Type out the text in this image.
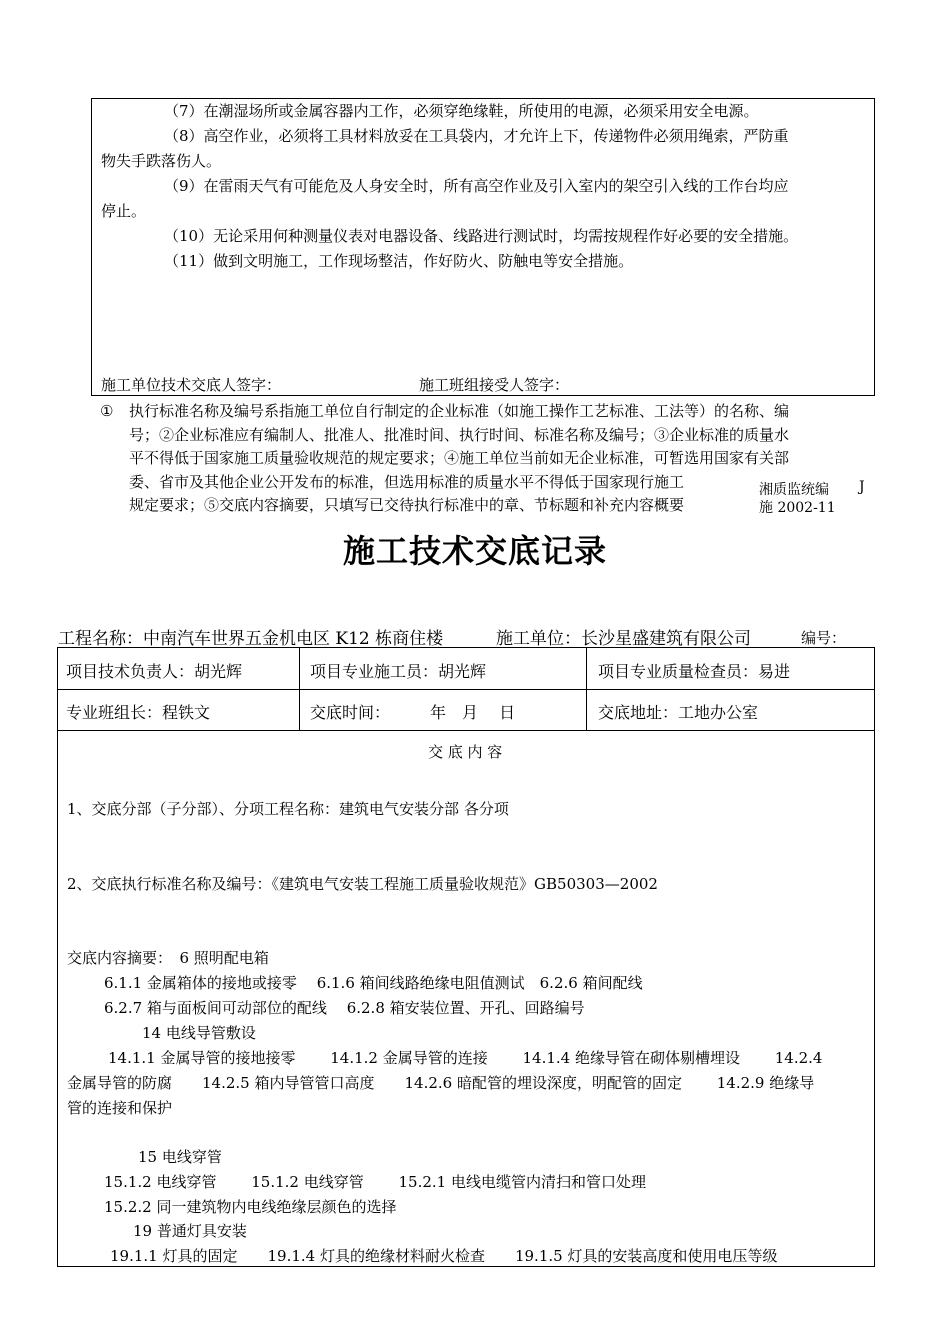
（7）在潮湿场所或金属容器内工作，必须穿绝缘鞋，所使用的电源，必须采用安全电源。
（8）高空作业，必须将工具材料放妥在工具袋内，才允许上下，传递物件必须用绳索，严防重
物失手跌落伤人。
（9）在雷雨天气有可能危及人身安全时，所有高空作业及引入室内的架空引入线的工作台均应
停止。
（10）无论采用何种测量仪表对电器设备、线路进行测试时，均需按规程作好必要的安全措施。
（11）做到文明施工，工作现场整洁，作好防火、防触电等安全措施。
施工单位技术交底人签字：	施工班组接受人签字：
① 执行标准名称及编号系指施工单位自行制定的企业标准（如施工操作工艺标准、工法等）的名称、编
号；②企业标准应有编制人、批准人、批准时间、执行时间、标准名称及编号；③企业标准的质量水
平不得低于国家施工质量验收规范的规定要求；④施工单位当前如无企业标准，可暂选用国家有关部
委、省市及其他企业公开发布的标准，但选用标准的质量水平不得低于国家现行施工
规定要求；⑤交底内容摘要，只填写已交待执行标准中的章、节标题和补充内容概要
湘质监统编 J
施 2002-11
施工技术交底记录
工程名称：中南汽车世界五金机电区 K12 栋商住楼	施工单位：长沙星盛建筑有限公司	编号：
项目技术负责人：胡光辉	项目专业施工员：胡光辉	项目专业质量检查员：易进
专业班组长：程铁文	交底时间：　　　年　月　 日	交底地址：工地办公室
交 底 内 容
1、交底分部（子分部）、分项工程名称：建筑电气安装分部 各分项
2、交底执行标准名称及编号：《建筑电气安装工程施工质量验收规范》GB50303—2002
交底内容摘要：　6 照明配电箱
6.1.1 金属箱体的接地或接零　 6.1.6 箱间线路绝缘电阻值测试　6.2.6 箱间配线
6.2.7 箱与面板间可动部位的配线　 6.2.8 箱安装位置、开孔、回路编号
14 电线导管敷设
14.1.1 金属导管的接地接零　　 14.1.2 金属导管的连接　　 14.1.4 绝缘导管在砌体剔槽埋设　　 14.2.4
金属导管的防腐　　14.2.5 箱内导管管口高度　　14.2.6 暗配管的埋设深度，明配管的固定　　 14.2.9 绝缘导
管的连接和保护
15 电线穿管
15.1.2 电线穿管　　 15.1.2 电线穿管　　 15.2.1 电线电缆管内清扫和管口处理
15.2.2 同一建筑物内电线绝缘层颜色的选择
19 普通灯具安装
19.1.1 灯具的固定　　19.1.4 灯具的绝缘材料耐火检查　　19.1.5 灯具的安装高度和使用电压等级
